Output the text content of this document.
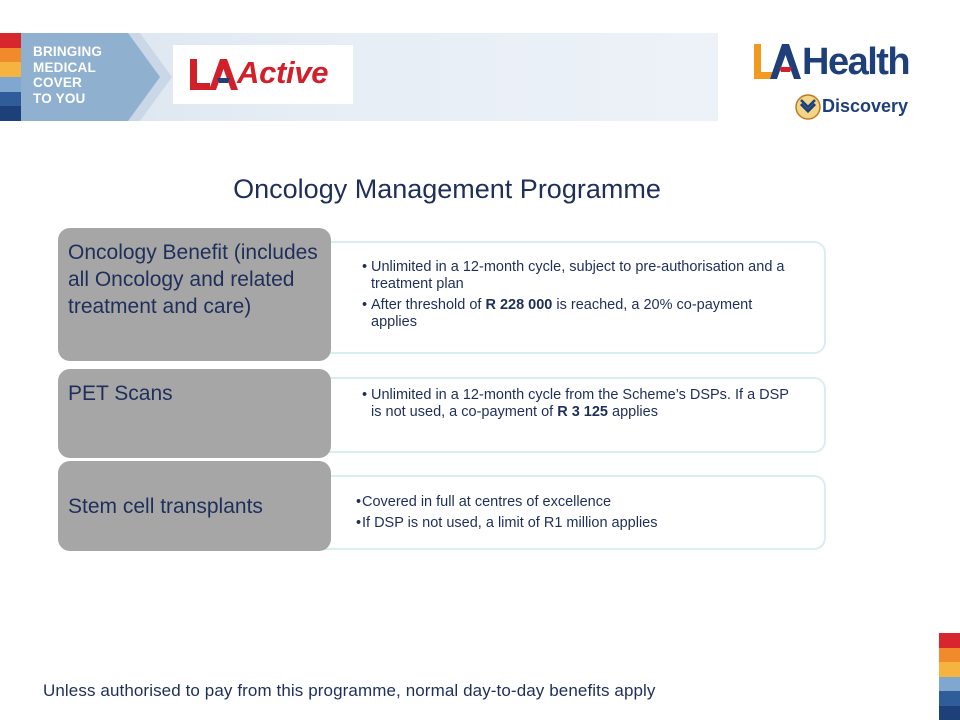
BRINGING
MEDICAL
COVER
TO YOU
Active	Health
Discovery
Oncology Management Programme
Oncology Benefit (includes all Oncology and related treatment and care)
• Unlimited in a 12-month cycle, subject to pre-authorisation and a treatment plan
• After threshold of R 228 000 is reached, a 20% co-payment applies
PET Scans	• Unlimited in a 12-month cycle from the Scheme’s DSPs. If a DSP is not used, a co-payment of R 3 125 applies
Stem cell transplants	• Covered in full at centres of excellence
• If DSP is not used, a limit of R1 million applies
Unless authorised to pay from this programme, normal day-to-day benefits apply
